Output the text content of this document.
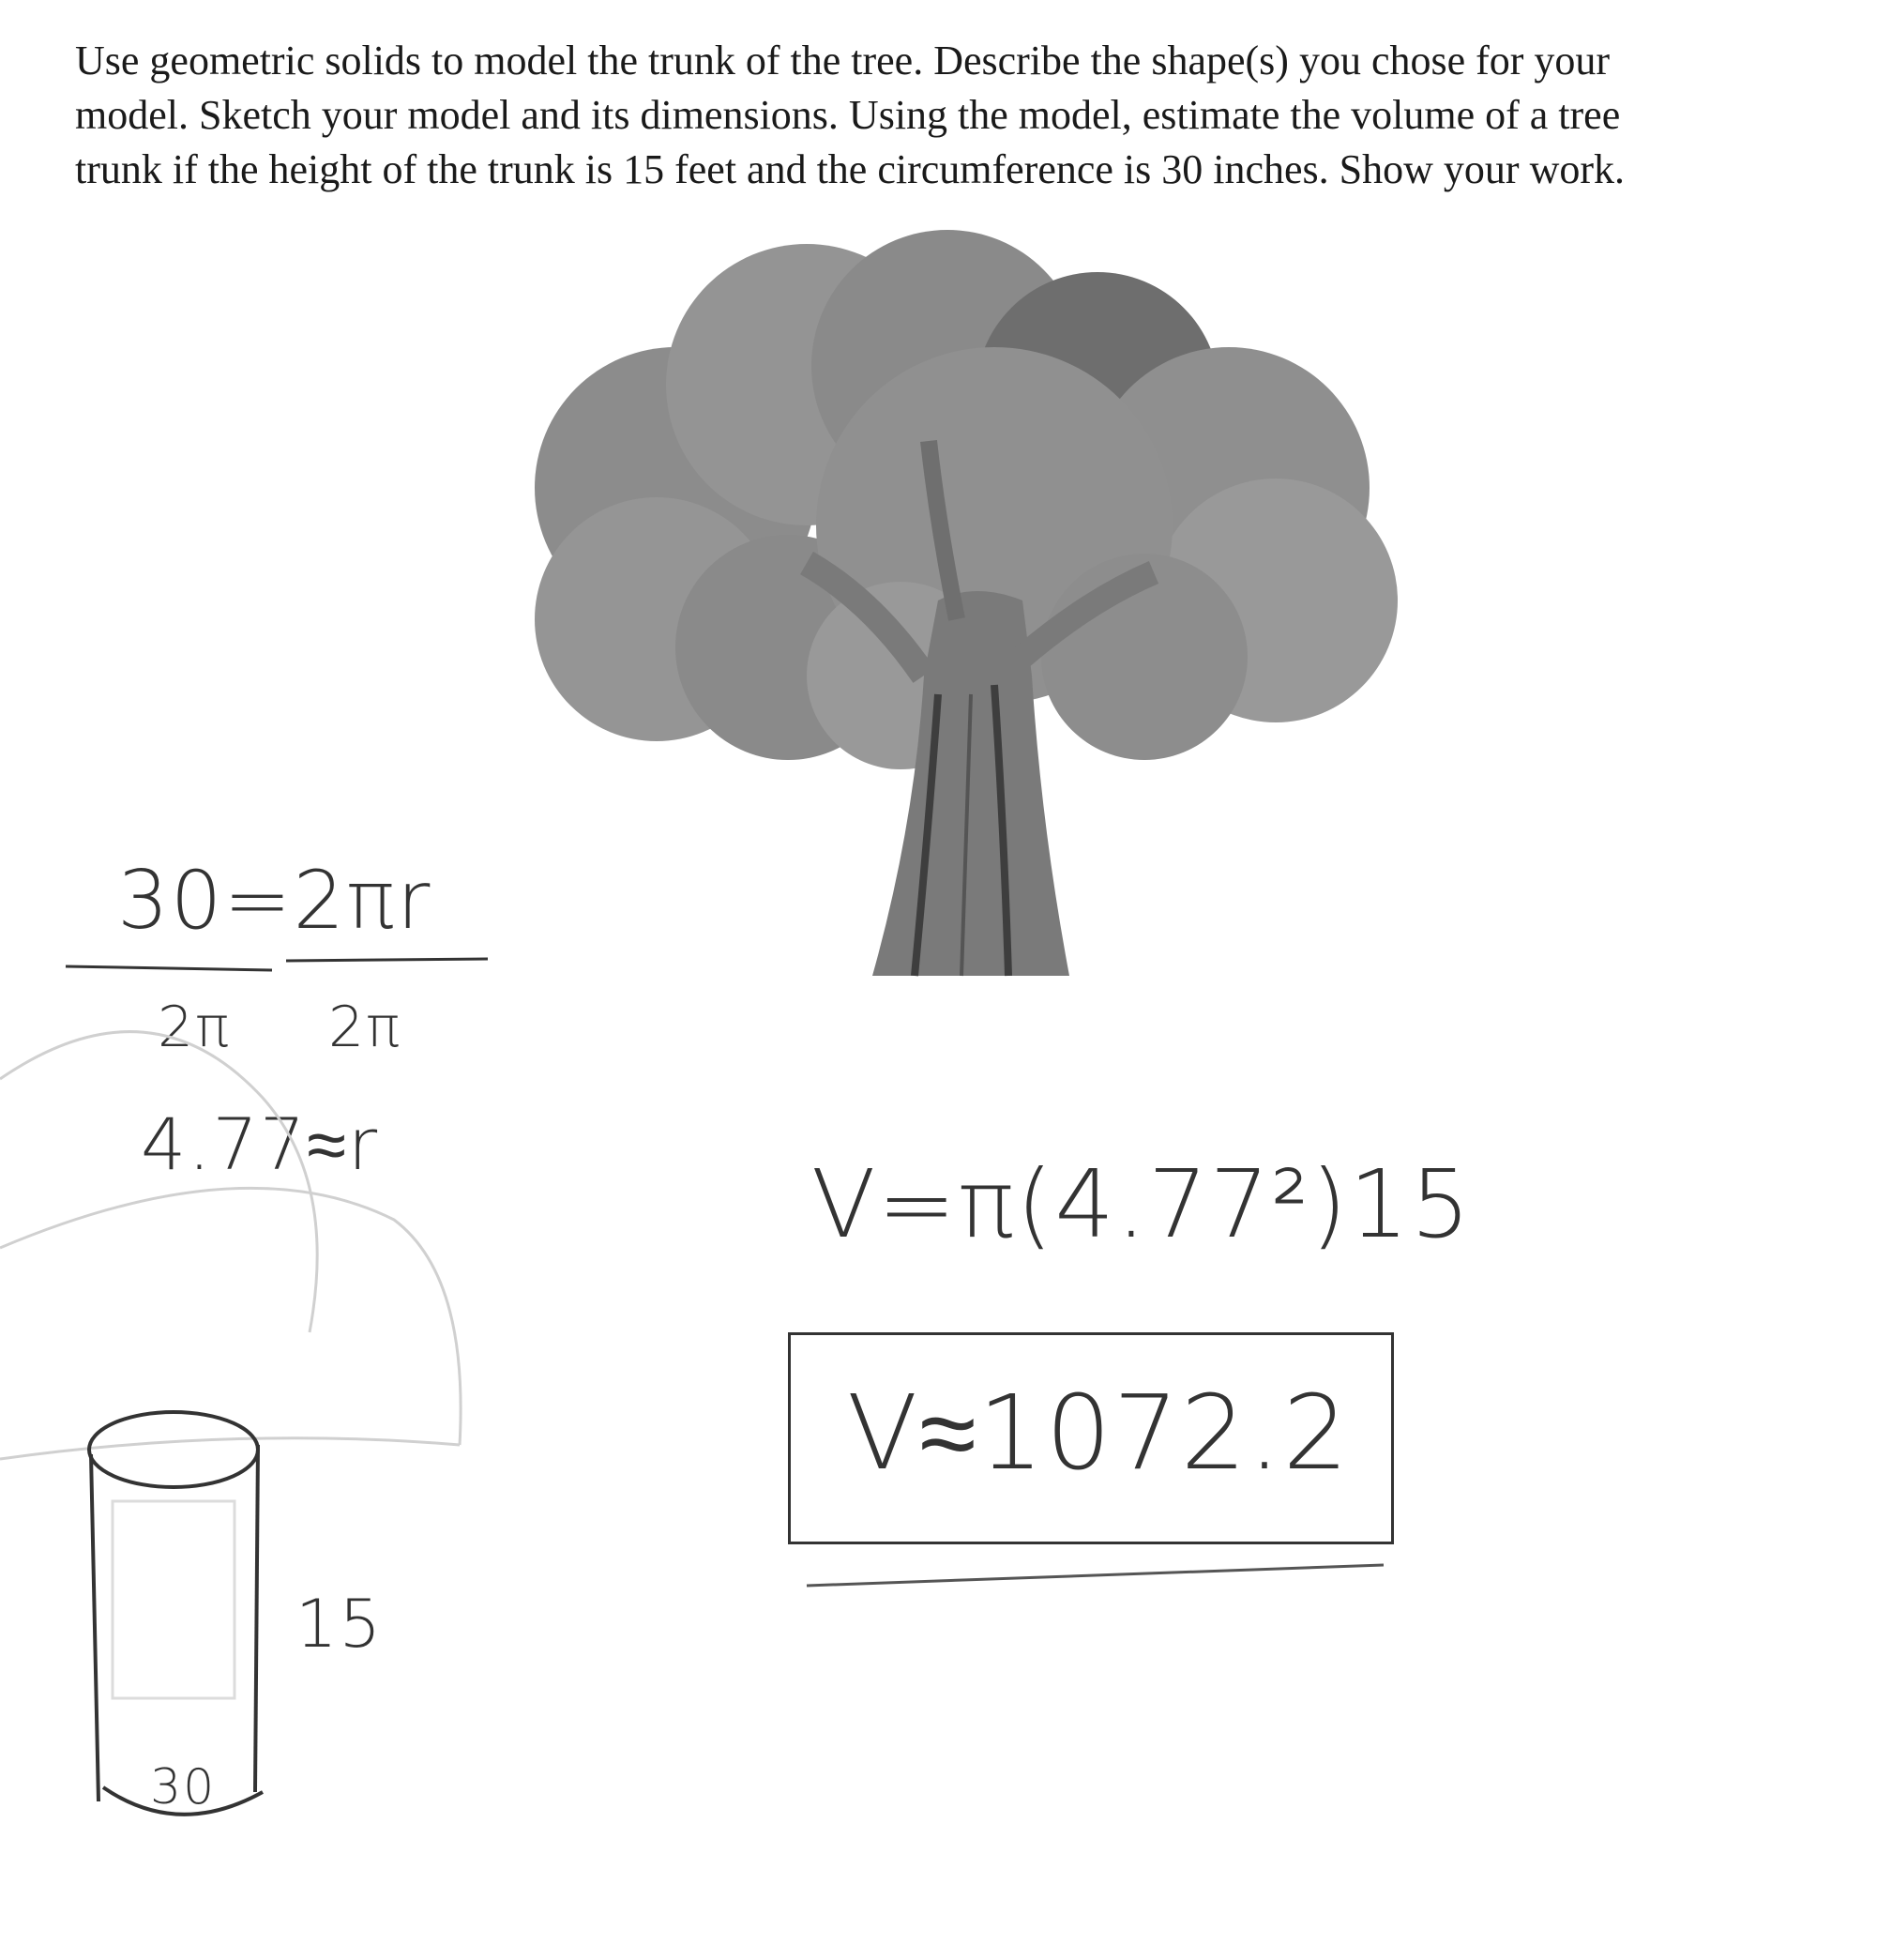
Use geometric solids to model the trunk of the tree. Describe the shape(s) you chose for your
model. Sketch your model and its dimensions. Using the model, estimate the volume of a tree
trunk if the height of the trunk is 15 feet and the circumference is 30 inches. Show your work.
30=2πr
2π 2π
4.77≈r
V=π(4.77²)15
V≈1072.2
15
30
